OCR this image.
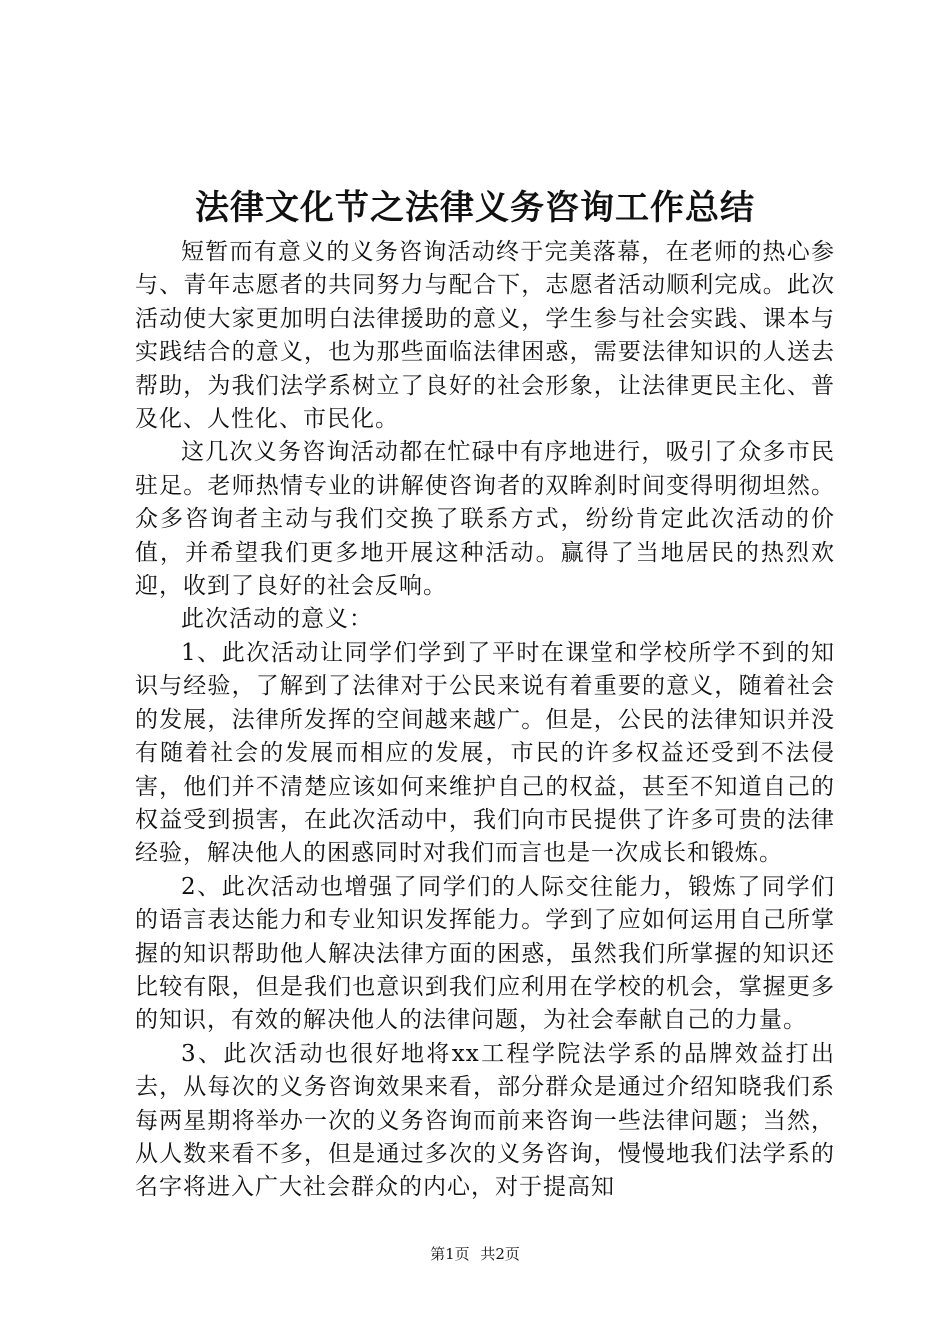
法律文化节之法律义务咨询工作总结

短暂而有意义的义务咨询活动终于完美落幕，在老师的热心参与、青年志愿者的共同努力与配合下，志愿者活动顺利完成。此次活动使大家更加明白法律援助的意义，学生参与社会实践、课本与实践结合的意义，也为那些面临法律困惑，需要法律知识的人送去帮助，为我们法学系树立了良好的社会形象，让法律更民主化、普及化、人性化、市民化。

这几次义务咨询活动都在忙碌中有序地进行，吸引了众多市民驻足。老师热情专业的讲解使咨询者的双眸刹时间变得明彻坦然。众多咨询者主动与我们交换了联系方式，纷纷肯定此次活动的价值，并希望我们更多地开展这种活动。赢得了当地居民的热烈欢迎，收到了良好的社会反响。

此次活动的意义：

1、此次活动让同学们学到了平时在课堂和学校所学不到的知识与经验，了解到了法律对于公民来说有着重要的意义，随着社会的发展，法律所发挥的空间越来越广。但是，公民的法律知识并没有随着社会的发展而相应的发展，市民的许多权益还受到不法侵害，他们并不清楚应该如何来维护自己的权益，甚至不知道自己的权益受到损害，在此次活动中，我们向市民提供了许多可贵的法律经验，解决他人的困惑同时对我们而言也是一次成长和锻炼。

2、此次活动也增强了同学们的人际交往能力，锻炼了同学们的语言表达能力和专业知识发挥能力。学到了应如何运用自己所掌握的知识帮助他人解决法律方面的困惑，虽然我们所掌握的知识还比较有限，但是我们也意识到我们应利用在学校的机会，掌握更多的知识，有效的解决他人的法律问题，为社会奉献自己的力量。

3、此次活动也很好地将xx工程学院法学系的品牌效益打出去，从每次的义务咨询效果来看，部分群众是通过介绍知晓我们系每两星期将举办一次的义务咨询而前来咨询一些法律问题；当然，从人数来看不多，但是通过多次的义务咨询，慢慢地我们法学系的名字将进入广大社会群众的内心，对于提高知

第1页 共2页
